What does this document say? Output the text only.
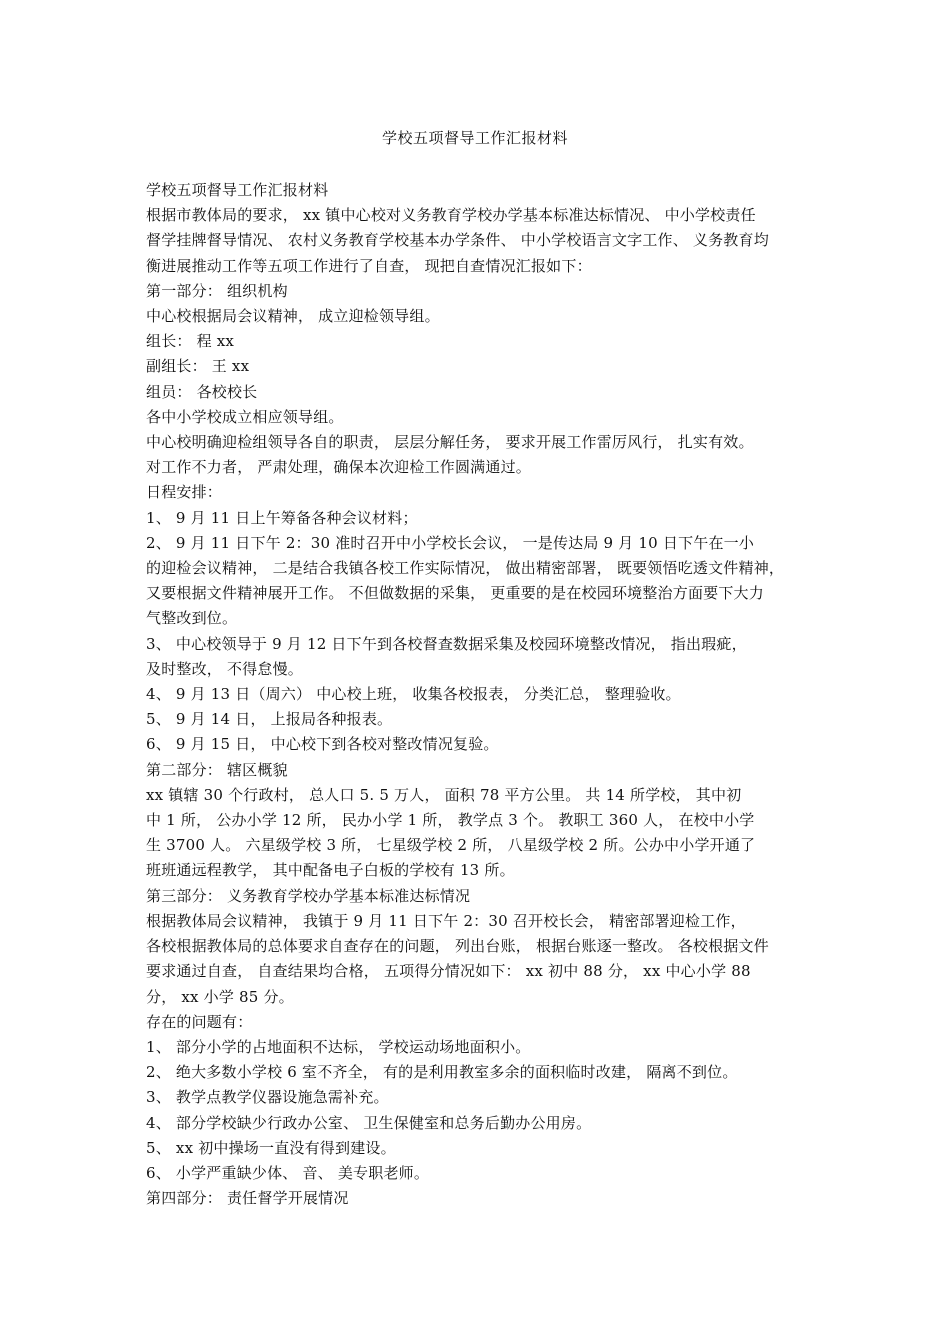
学校五项督导工作汇报材料
学校五项督导工作汇报材料
根据市教体局的要求， xx 镇中心校对义务教育学校办学基本标准达标情况、 中小学校责任
督学挂牌督导情况、 农村义务教育学校基本办学条件、 中小学校语言文字工作、 义务教育均
衡进展推动工作等五项工作进行了自查， 现把自查情况汇报如下：
第一部分： 组织机构
中心校根据局会议精神， 成立迎检领导组。
组长： 程 xx
副组长： 王 xx
组员： 各校校长
各中小学校成立相应领导组。
中心校明确迎检组领导各自的职责， 层层分解任务， 要求开展工作雷厉风行， 扎实有效。
对工作不力者， 严肃处理，确保本次迎检工作圆满通过。
日程安排：
1、 9 月 11 日上午筹备各种会议材料；
2、 9 月 11 日下午 2：30 准时召开中小学校长会议， 一是传达局 9 月 10 日下午在一小
的迎检会议精神， 二是结合我镇各校工作实际情况， 做出精密部署， 既要领悟吃透文件精神，
又要根据文件精神展开工作。 不但做数据的采集， 更重要的是在校园环境整治方面要下大力
气整改到位。
3、 中心校领导于 9 月 12 日下午到各校督查数据采集及校园环境整改情况， 指出瑕疵，
及时整改， 不得怠慢。
4、 9 月 13 日（周六） 中心校上班， 收集各校报表， 分类汇总， 整理验收。
5、 9 月 14 日， 上报局各种报表。
6、 9 月 15 日， 中心校下到各校对整改情况复验。
第二部分： 辖区概貌
xx 镇辖 30 个行政村， 总人口 5. 5 万人， 面积 78 平方公里。 共 14 所学校， 其中初
中 1 所， 公办小学 12 所， 民办小学 1 所， 教学点 3 个。 教职工 360 人， 在校中小学
生 3700 人。 六星级学校 3 所， 七星级学校 2 所， 八星级学校 2 所。公办中小学开通了
班班通远程教学， 其中配备电子白板的学校有 13 所。
第三部分： 义务教育学校办学基本标准达标情况
根据教体局会议精神， 我镇于 9 月 11 日下午 2：30 召开校长会， 精密部署迎检工作，
各校根据教体局的总体要求自查存在的问题， 列出台账， 根据台账逐一整改。 各校根据文件
要求通过自查， 自查结果均合格， 五项得分情况如下： xx 初中 88 分， xx 中心小学 88
分， xx 小学 85 分。
存在的问题有：
1、 部分小学的占地面积不达标， 学校运动场地面积小。
2、 绝大多数小学校 6 室不齐全， 有的是利用教室多余的面积临时改建， 隔离不到位。
3、 教学点教学仪器设施急需补充。
4、 部分学校缺少行政办公室、 卫生保健室和总务后勤办公用房。
5、 xx 初中操场一直没有得到建设。
6、 小学严重缺少体、 音、 美专职老师。
第四部分： 责任督学开展情况
